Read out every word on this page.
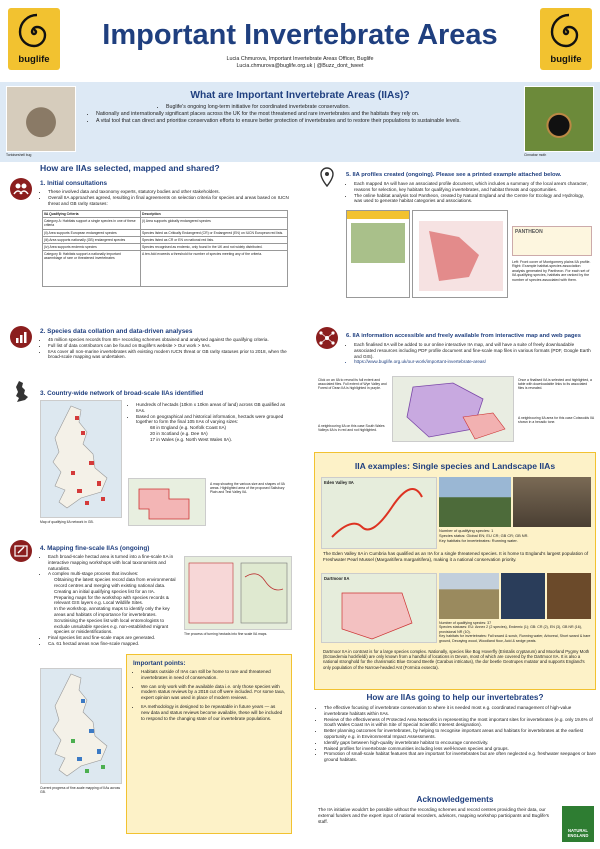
buglife
Important Invertebrate Areas
Lucia Chmurova, Important Invertebrate Areas Officer, Buglife
Lucia.chmurova@buglife.org.uk | @Buzz_dont_tweet
buglife
Tortoiseshell bug
What are Important Invertebrate Areas (IIAs)?
• Buglife's ongoing long-term initiative for coordinated invertebrate conservation.
• Nationally and internationally significant places across the UK for the most threatened and rare invertebrates and the habitats they rely on.
• A vital tool that can direct and prioritise conservation efforts to ensure better protection of invertebrates and to restore their populations to sustainable levels.
Cinnabar moth
How are IIAs selected, mapped and shared?
1. Initial consultations
• These involved data and taxonomy experts, statutory bodies and other stakeholders.
• Overall IIA approaches agreed, resulting in final agreements on selection criteria for species and areas based on IUCN threat and GB rarity statuses:
IIA Qualifying Criteria	Description
Category A: Habitats support a single species in one of these criteria	(i) Area supports globally endangered species
(ii) Area supports European endangered species	Species listed as Critically Endangered (CR) or Endangered (EN) on IUCN European red lists.
(iii) Area supports nationally (GB) endangered species	Species listed as CR or EN on national red lists.
(iv) Area supports endemic species	Species recognised as endemic, only found in the UK and not widely distributed.
Category B: Habitats support a nationally important assemblage of rare or threatened invertebrates	A ten-fold exceeds a threshold for number of species meeting any of the criteria.
2. Species data collation and data-driven analyses
• 45 million species records from 85+ recording schemes obtained and analysed against the qualifying criteria.
• Full list of data contributors can be found on Buglife's website > Our work > IIAs.
• IIAs cover all non-marine invertebrates with existing modern IUCN threat or GB rarity statuses prior to 2018, when the broad-scale mapping was undertaken.
3. Country-wide network of broad-scale IIAs identified
Map of qualifying IIA network in GB.
• Hundreds of hectads (10km x 10km areas of land) across GB qualified as IIAs.
• Based on geographical and historical information, hectads were grouped together to form the final 105 IIAs of varying sizes:
68 in England (e.g. Norfolk Coast IIA)
20 in Scotland (e.g. Dee IIA)
17 in Wales (e.g. North West Wales IIA).
A map showing the various size and shapes of IIA areas. Highlighted area of the proposed Salisbury Plain and Test Valley IIA.
4. Mapping fine-scale IIAs (ongoing)
• Each broad-scale hectad area is turned into a fine-scale IIA in interactive mapping workshops with local taxonomists and naturalists.
• A complex multi-stage process that involves:
Obtaining the latest species record data from environmental record centres and merging with existing national data.
Creating an initial qualifying species list for an IIA.
Preparing maps for the workshop with species records & relevant GIS layers e.g. Local Wildlife Sites.
In the workshop, annotating maps to identify only the key areas and habitats of importance for invertebrates.
Scrutinising the species list with local entomologists to exclude unsuitable species e.g. non-established migrant species or misidentifications.
• Final species list and fine-scale maps are generated.
• Ca. 61 hectad areas now fine-scale mapped.
The process of turning hectads into fine scale IIA maps.
Current progress of fine-scale mapping of IIAs across GB.
Important points:
• Habitats outside of IIAs can still be home to rare and threatened invertebrates in need of conservation.
• We can only work with the available data i.e. only those species with modern status reviews by a 2018 cut off were included. For some taxa, expert opinion was used in place of modern reviews.
• IIA methodology is designed to be repeatable in future years — as new data and status reviews become available, these will be included to respond to the changing state of our invertebrate populations.
5. IIA profiles created (ongoing). Please see a printed example attached below.
• Each mapped IIA will have an associated profile document, which includes a summary of the local area's character, reasons for selection, key habitats for qualifying invertebrates, and habitat threats and opportunities.
• The online habitat analysis tool Pantheon, created by Natural England and the Centre for Ecology and Hydrology, was used to generate habitat categories and associations.
PANTHEON
Left: Front cover of Montgomery plains IIA profile. Right: Example habitat-species association analysis generated by Pantheon. For each set of IIA qualifying species, habitats are ranked by the number of species associated with them.
6. IIA information accessible and freely available from interactive map and web pages
• Each finalised IIA will be added to our online interactive IIA map, and will have a suite of freely downloadable associated resources including PDF profile document and fine-scale map files in various formats (PDF, Google Earth and GIS).
• https://www.buglife.org.uk/our-work/important-invertebrate-areas/
Click on an IIA to reveal its full extent and associated files. Full extent of Wye Valley and Forest of Dean IIA is highlighted in purple.
Once a finalised IIA is selected and highlighted, a table with downloadable links to its associated files is revealed.
A neighbouring IIA on this case South Wales Valleys IIA is in red and not highlighted.
A neighbouring IIA area for this case Cotswolds IIA shown in a hexadic tone.
IIA examples: Single species and Landscape IIAs
Eden Valley IIA
Number of qualifying species: 1
Species status: Global EN; EU CR; GB CR; GB NR.
Key habitats for invertebrates: Running water.
The Eden Valley IIA in Cumbria has qualified as an IIA for a single threatened species. It is home to England's largest population of Freshwater Pearl Mussel (Margaritifera margaritifera), making it a national conservation priority.
Dartmoor IIA
Number of qualifying species: 37
Species statuses: EU: Annex 2 (2 species), Endemic (1); GB: CR (2), EN (3), GB NR (16), provisional NR (10).
Key habitats for invertebrates: Fall sward & scrub, Running water, Arboreal, Short sward & bare ground, Decaying wood, Woodland floor, Acid & sedge peats.
Dartmoor IIA in contrast is for a large species complex. Nationally, species like Bog Hoverfly (Eristalis cryptarum) and Moorland Pygmy Moth (Ectoedemia hockfieldi) are only known from a handful of locations in Devon, most of which are covered by the Dartmoor IIA. It is also a national stronghold for the charismatic Blue Ground Beetle (Carabus intricatus), the dor beetle Geotrupes mutator and supports England's only population of the Narrow-headed Ant (Formica exsecta).
How are IIAs going to help our invertebrates?
• The effective focusing of invertebrate conservation to where it is needed most e.g. coordinated management of high-value invertebrate habitats within IIAs.
• Review of the effectiveness of Protected Area Networks in representing the most important sites for invertebrates (e.g. only 19.6% of South Wales Coast IIA is within Site of Special Scientific Interest designation).
• Better planning outcomes for invertebrates, by helping to recognise important areas and habitats for invertebrates at the earliest opportunity e.g. in Environmental Impact Assessments.
• Identify gaps between high-quality invertebrate habitat to encourage connectivity.
• Raised profiles for invertebrate communities including less well-known species and groups.
• Promotion of small-scale habitat features that are important for invertebrates but are often neglected e.g. freshwater seepages or bare ground habitats.
Acknowledgements
The IIA initiative wouldn't be possible without the recording schemes and record centres providing their data, our external funders and the expert input of national recorders, advisors, mapping workshop participants and Buglife's staff.
NATURAL ENGLAND
